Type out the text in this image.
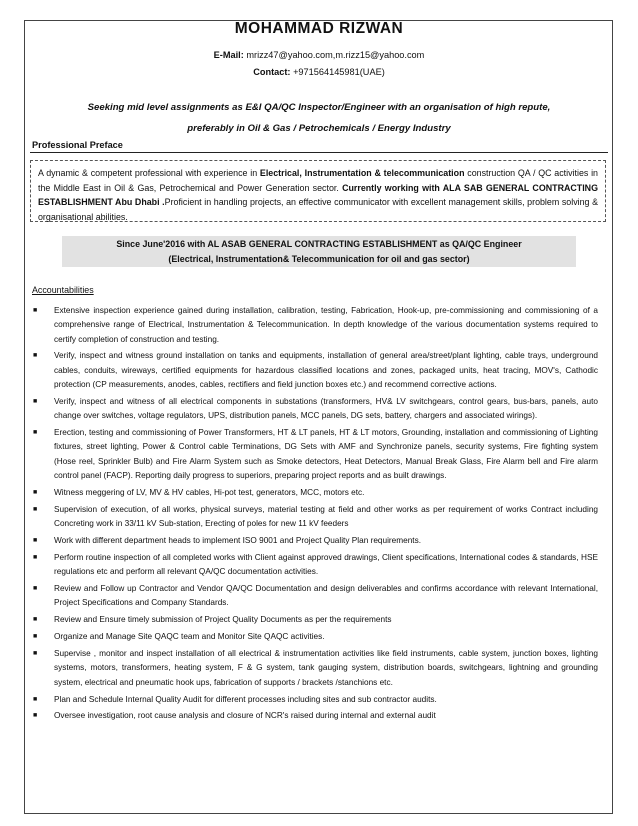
MOHAMMAD RIZWAN
E-Mail: mrizz47@yahoo.com,m.rizz15@yahoo.com
Contact: +971564145981(UAE)
Seeking mid level assignments as E&I QA/QC Inspector/Engineer with an organisation of high repute,
preferably in Oil & Gas / Petrochemicals / Energy Industry
Professional Preface
A dynamic & competent professional with experience in Electrical, Instrumentation & telecommunication construction QA / QC activities in the Middle East in Oil & Gas, Petrochemical and Power Generation sector. Currently working with ALA SAB GENERAL CONTRACTING ESTABLISHMENT Abu Dhabi .Proficient in handling projects, an effective communicator with excellent management skills, problem solving & organisational abilities.
Since June'2016 with AL ASAB GENERAL CONTRACTING ESTABLISHMENT as QA/QC Engineer
(Electrical, Instrumentation& Telecommunication for oil and gas sector)
Accountabilities
■ Extensive inspection experience gained during installation, calibration, testing, Fabrication, Hook-up, pre-commissioning and commissioning of a comprehensive range of Electrical, Instrumentation & Telecommunication. In depth knowledge of the various documentation systems required to certify completion of construction and testing.
■ Verify, inspect and witness ground installation on tanks and equipments, installation of general area/street/plant lighting, cable trays, underground cables, conduits, wireways, certified equipments for hazardous classified locations and zones, packaged units, heat tracing, MOV's, Cathodic protection (CP measurements, anodes, cables, rectifiers and field junction boxes etc.) and recommend corrective actions.
■ Verify, inspect and witness of all electrical components in substations (transformers, HV& LV switchgears, control gears, bus-bars, panels, auto change over switches, voltage regulators, UPS, distribution panels, MCC panels, DG sets, battery, chargers and associated wirings).
■ Erection, testing and commissioning of Power Transformers, HT & LT panels, HT & LT motors, Grounding, installation and commissioning of Lighting fixtures, street lighting, Power & Control cable Terminations, DG Sets with AMF and Synchronize panels, security systems, Fire fighting system (Hose reel, Sprinkler Bulb) and Fire Alarm System such as Smoke detectors, Heat Detectors, Manual Break Glass, Fire Alarm bell and Fire alarm control panel (FACP). Reporting daily progress to superiors, preparing project reports and as built drawings.
■ Witness meggering of LV, MV & HV cables, Hi-pot test, generators, MCC, motors etc.
■ Supervision of execution, of all works, physical surveys, material testing at field and other works as per requirement of works Contract including Concreting work in 33/11 kV Sub-station, Erecting of poles for new 11 kV feeders
■ Work with different department heads to implement ISO 9001 and Project Quality Plan requirements.
■ Perform routine inspection of all completed works with Client against approved drawings, Client specifications, International codes & standards, HSE regulations etc and perform all relevant QA/QC documentation activities.
■ Review and Follow up Contractor and Vendor QA/QC Documentation and design deliverables and confirms accordance with relevant International, Project Specifications and Company Standards.
■ Review and Ensure timely submission of Project Quality Documents as per the requirements
■ Organize and Manage Site QAQC team and Monitor Site QAQC activities.
■ Supervise , monitor and inspect installation of all electrical & instrumentation activities like field instruments, cable system, junction boxes, lighting systems, motors, transformers, heating system, F & G system, tank gauging system, distribution boards, switchgears, lightning and grounding system, electrical and pneumatic hook ups, fabrication of supports / brackets /stanchions etc.
■ Plan and Schedule Internal Quality Audit for different processes including sites and sub contractor audits.
■ Oversee investigation, root cause analysis and closure of NCR's raised during internal and external audit
